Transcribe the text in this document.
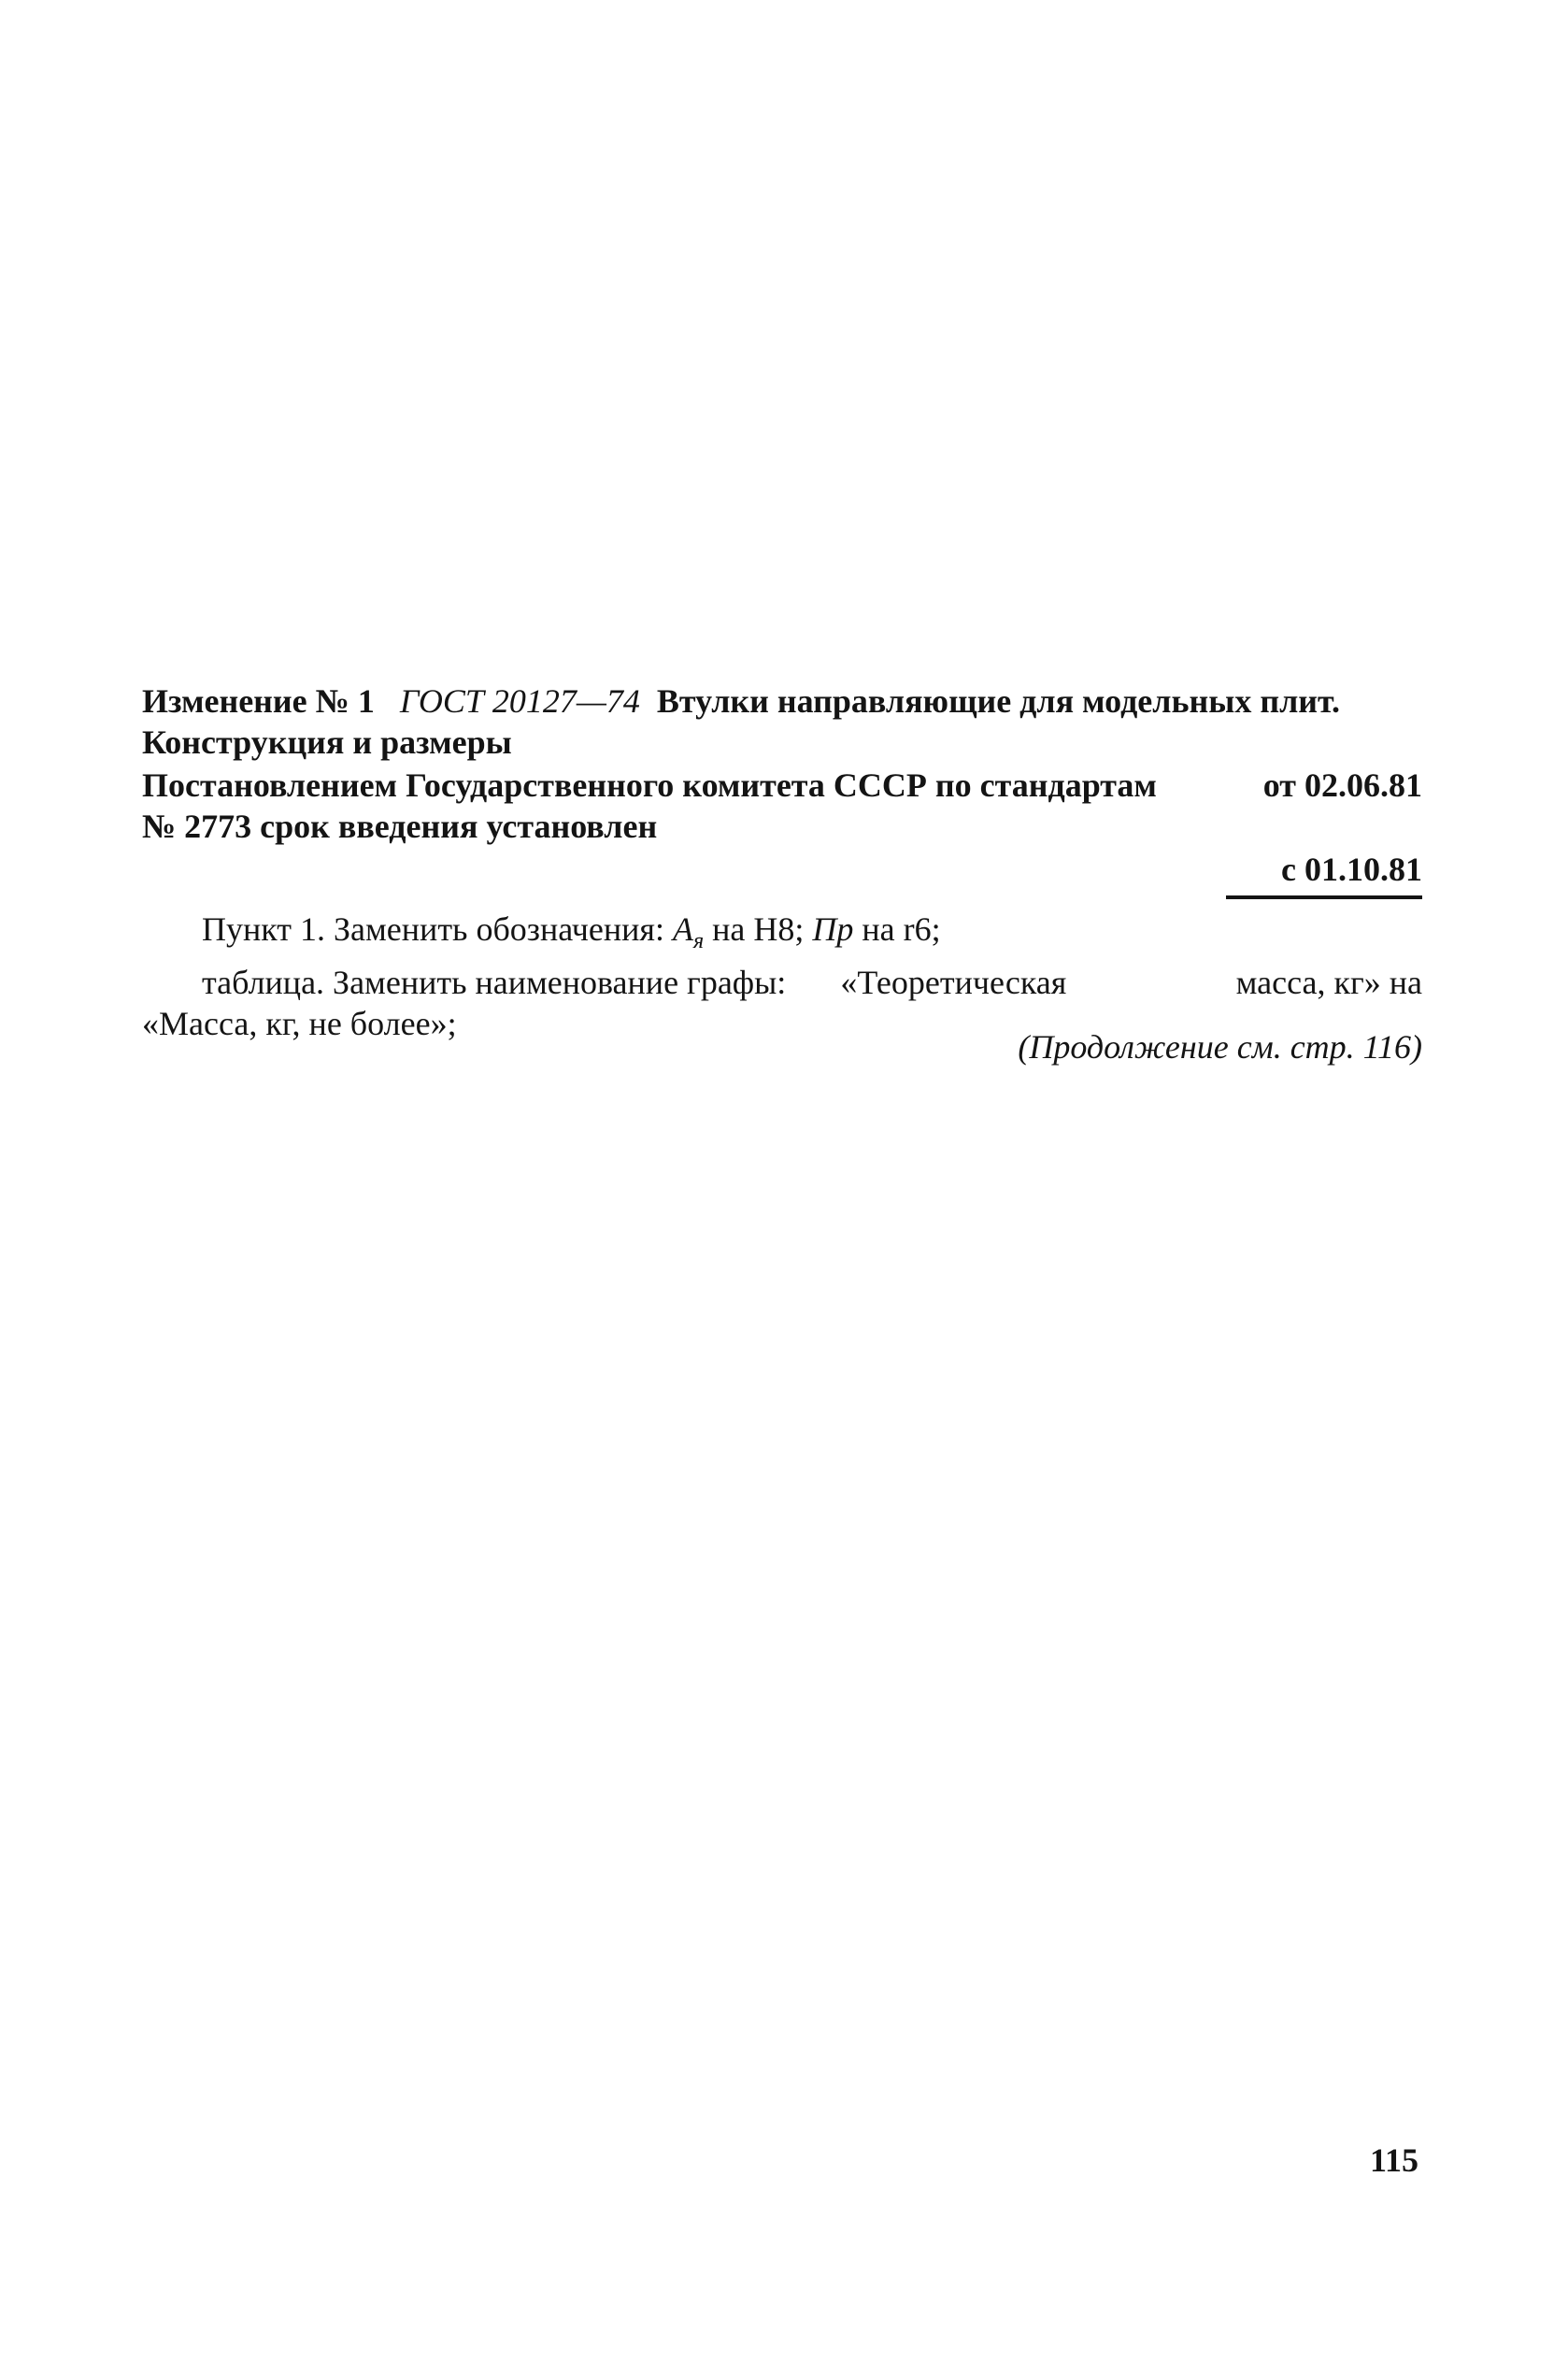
Изменение № 1 ГОСТ 20127—74 Втулки направляющие для модельных плит.
Конструкция и размеры
Постановлением Государственного комитета СССР по стандартам	от 02.06.81
№ 2773 срок введения установлен
с 01.10.81
Пункт 1. Заменить обозначения: $А_я$ на Н8; Пр на r6;
таблица. Заменить наименование графы: «Теоретическая	масса, кг» на
«Масса, кг, не более»;
(Продолжение см. стр. 116)
115
